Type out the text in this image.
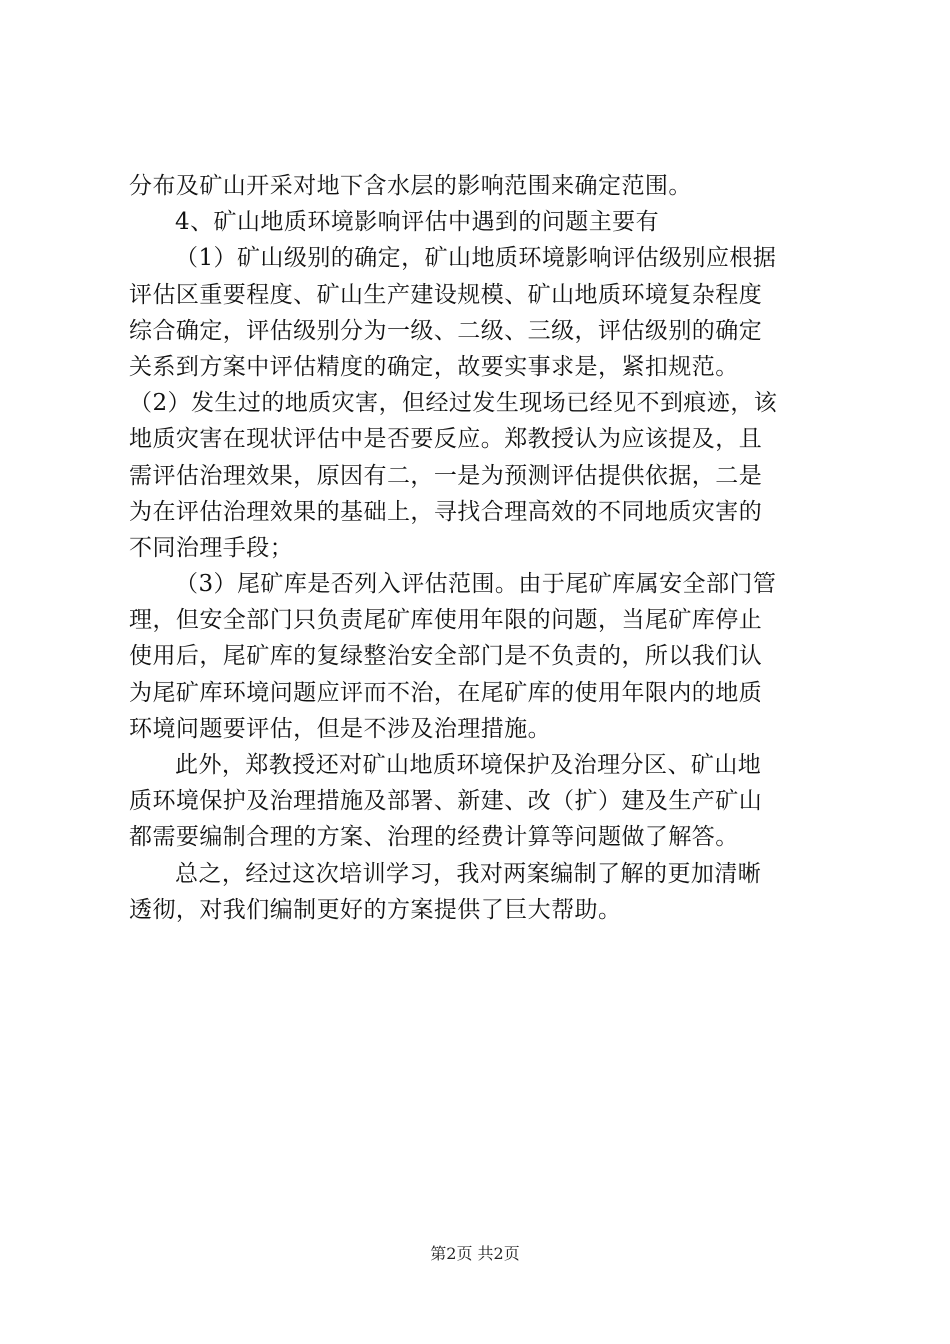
分布及矿山开采对地下含水层的影响范围来确定范围。
4、矿山地质环境影响评估中遇到的问题主要有
（1）矿山级别的确定，矿山地质环境影响评估级别应根据
评估区重要程度、矿山生产建设规模、矿山地质环境复杂程度
综合确定，评估级别分为一级、二级、三级，评估级别的确定
关系到方案中评估精度的确定，故要实事求是，紧扣规范。
（2）发生过的地质灾害，但经过发生现场已经见不到痕迹，该
地质灾害在现状评估中是否要反应。郑教授认为应该提及，且
需评估治理效果，原因有二，一是为预测评估提供依据，二是
为在评估治理效果的基础上，寻找合理高效的不同地质灾害的
不同治理手段；
（3）尾矿库是否列入评估范围。由于尾矿库属安全部门管
理，但安全部门只负责尾矿库使用年限的问题，当尾矿库停止
使用后，尾矿库的复绿整治安全部门是不负责的，所以我们认
为尾矿库环境问题应评而不治，在尾矿库的使用年限内的地质
环境问题要评估，但是不涉及治理措施。
此外，郑教授还对矿山地质环境保护及治理分区、矿山地
质环境保护及治理措施及部署、新建、改（扩）建及生产矿山
都需要编制合理的方案、治理的经费计算等问题做了解答。
总之，经过这次培训学习，我对两案编制了解的更加清晰
透彻，对我们编制更好的方案提供了巨大帮助。
第2页 共2页
